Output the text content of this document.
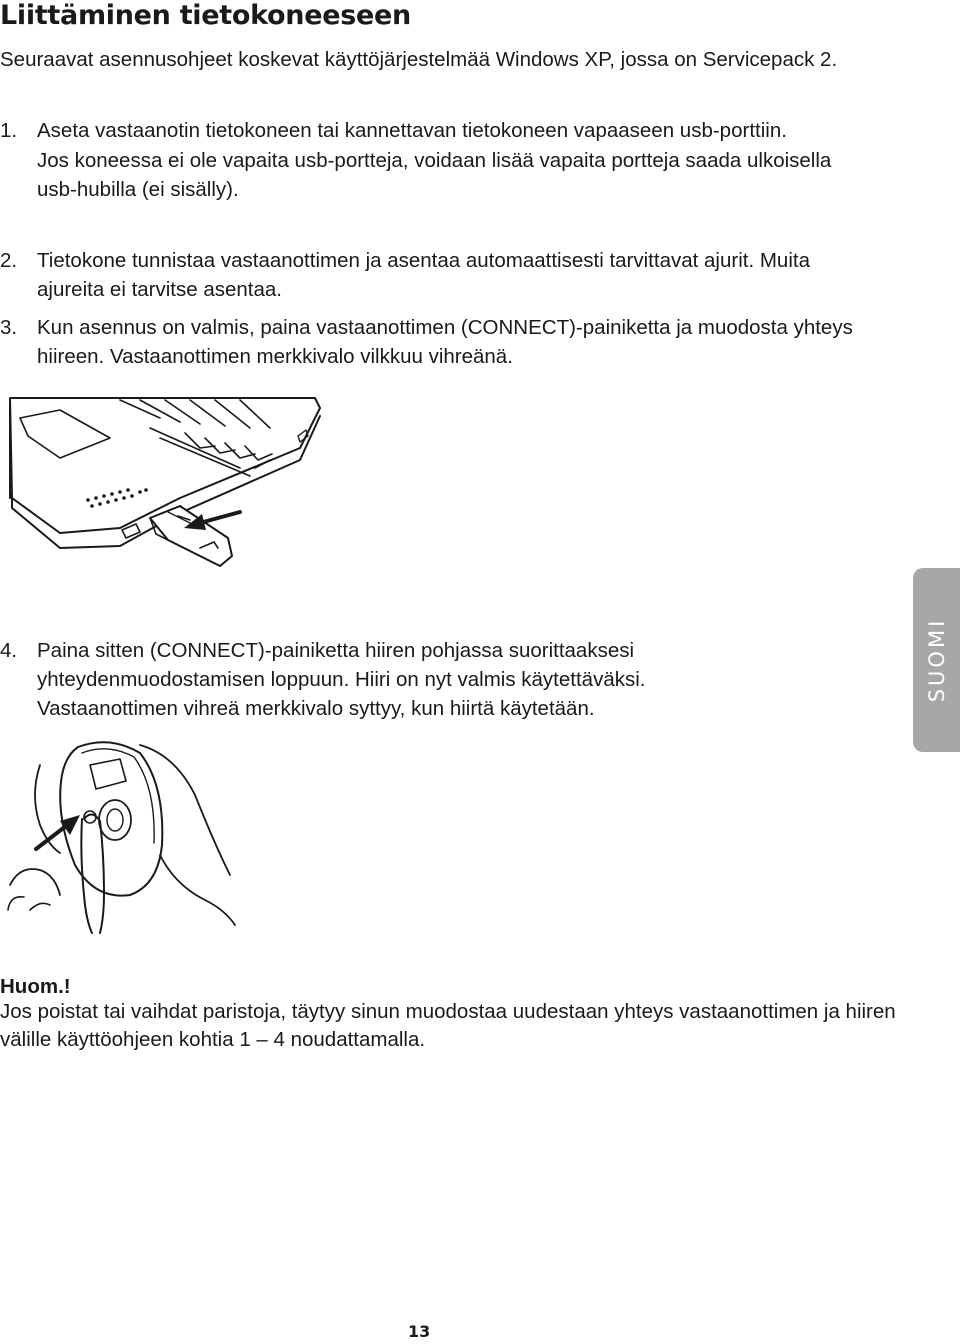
Liittäminen tietokoneeseen
Seuraavat asennusohjeet koskevat käyttöjärjestelmää Windows XP, jossa on Servicepack 2.
1. Aseta vastaanotin tietokoneen tai kannettavan tietokoneen vapaaseen usb-porttiin.

Jos koneessa ei ole vapaita usb-portteja, voidaan lisää vapaita portteja saada ulkoisella usb-hubilla (ei sisälly).

2. Tietokone tunnistaa vastaanottimen ja asentaa automaattisesti tarvittavat ajurit. Muita ajureita ei tarvitse asentaa.

3. Kun asennus on valmis, paina vastaanottimen (CONNECT)-painiketta ja muodosta yhteys hiireen. Vastaanottimen merkkivalo vilkkuu vihreänä.

4. Paina sitten (CONNECT)-painiketta hiiren pohjassa suorittaaksesi yhteydenmuodostamisen loppuun. Hiiri on nyt valmis käytettäväksi. Vastaanottimen vihreä merkkivalo syttyy, kun hiirtä käytetään.

Huom.!
Jos poistat tai vaihdat paristoja, täytyy sinun muodostaa uudestaan yhteys vastaanottimen ja hiiren välille käyttöohjeen kohtia 1 – 4 noudattamalla.
SUOMI
13
